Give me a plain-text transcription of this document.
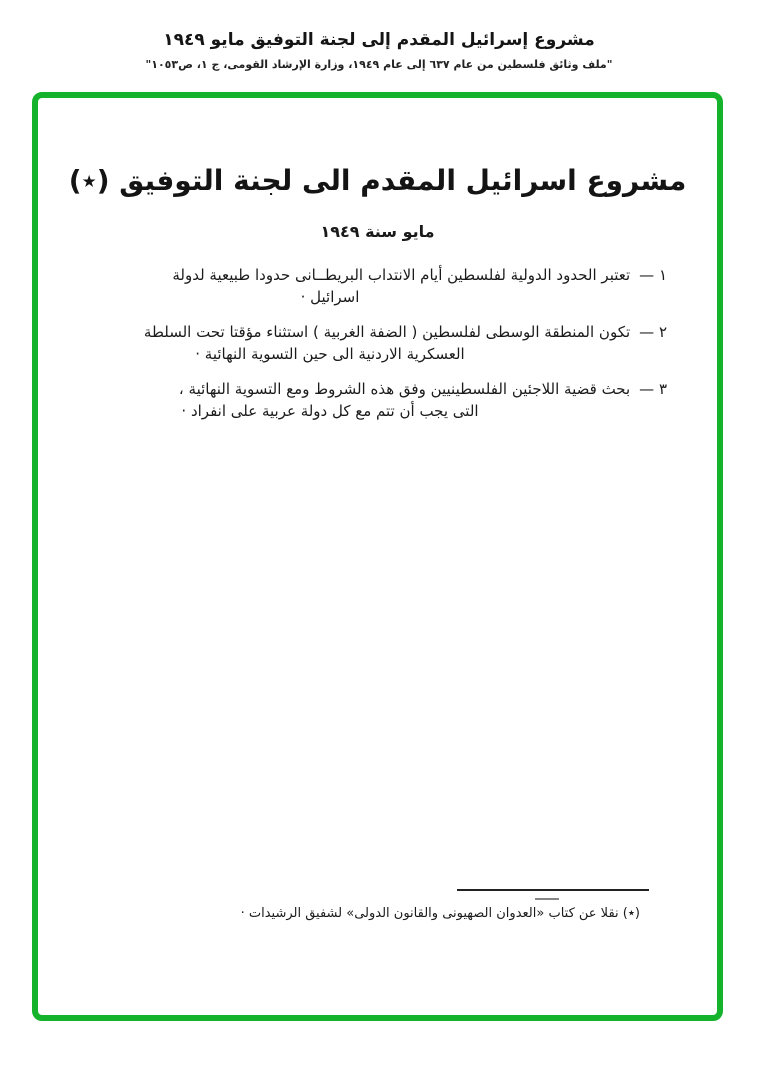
مشروع إسرائيل المقدم إلى لجنة التوفيق مايو ١٩٤٩
"ملف وثائق فلسطين من عام ٦٣٧ إلى عام ١٩٤٩، وزارة الإرشاد القومى، ج ١، ص١٠٥٣"
مشروع اسرائيل المقدم الى لجنة التوفيق (٭)
مايو سنة ١٩٤٩
١ —
تعتبر الحدود الدولية لفلسطين أيام الانتداب البريطــانى حدودا طبيعية لدولة
اسرائيل ·
٢ —
تكون المنطقة الوسطى لفلسطين ( الضفة الغربية ) استثناء مؤقتا تحت السلطة
العسكرية الاردنية الى حين التسوية النهائية ·
٣ —
بحث قضية اللاجئين الفلسطينيين وفق هذه الشروط ومع التسوية النهائية ،
التى يجب أن تتم مع كل دولة عربية على انفراد ·
(٭) نقلا عن كتاب «العدوان الصهيونى والقانون الدولى» لشفيق الرشيدات ·
